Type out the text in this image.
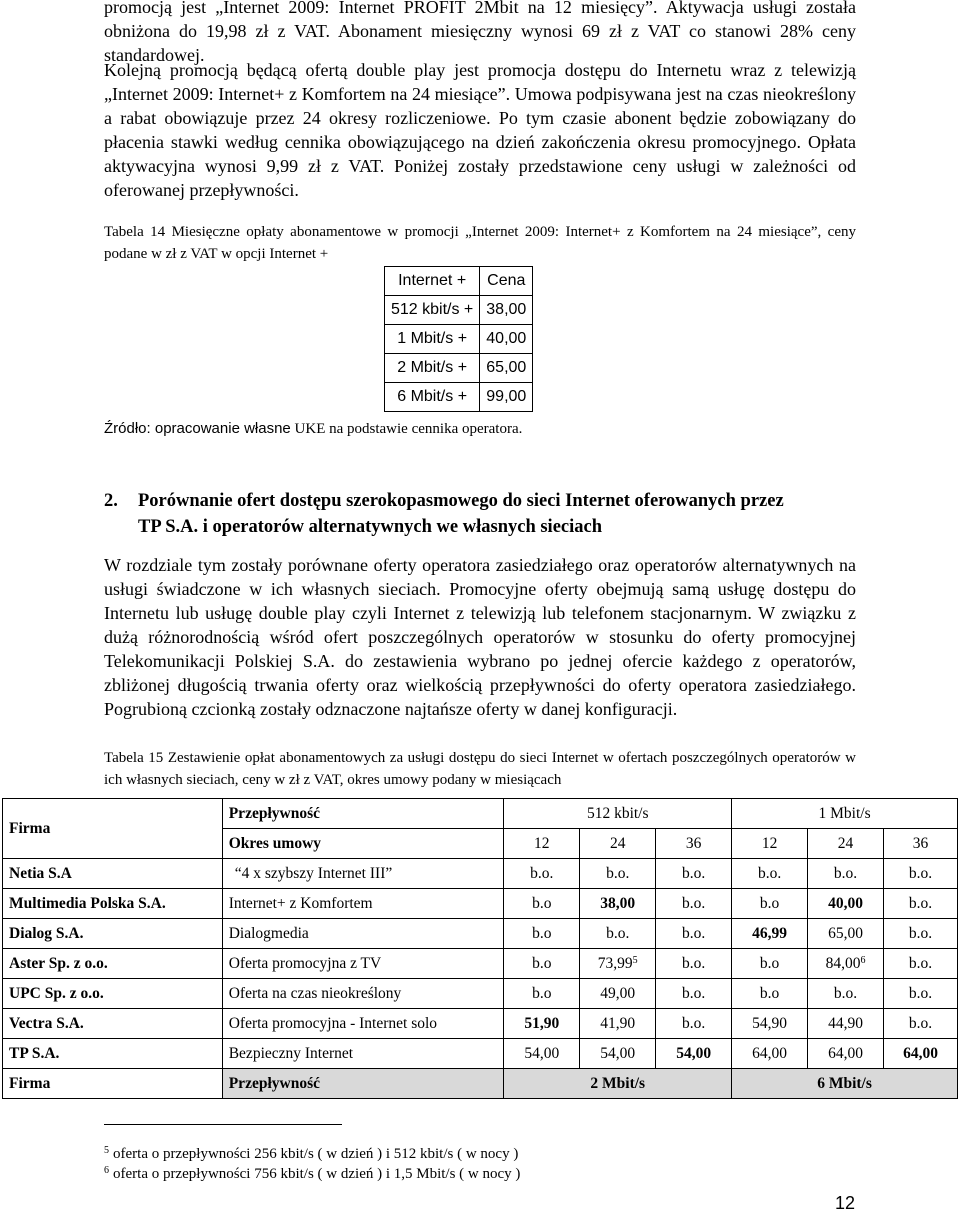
promocją jest „Internet 2009: Internet PROFIT 2Mbit na 12 miesięcy”. Aktywacja usługi została obniżona do 19,98 zł z VAT. Abonament miesięczny wynosi 69 zł z VAT co stanowi 28% ceny standardowej.

Kolejną promocją będącą ofertą double play jest promocja dostępu do Internetu wraz z telewizją „Internet 2009: Internet+ z Komfortem na 24 miesiące”. Umowa podpisywana jest na czas nieokreślony a rabat obowiązuje przez 24 okresy rozliczeniowe. Po tym czasie abonent będzie zobowiązany do płacenia stawki według cennika obowiązującego na dzień zakończenia okresu promocyjnego. Opłata aktywacyjna wynosi 9,99 zł z VAT. Poniżej zostały przedstawione ceny usługi w zależności od oferowanej przepływności.

Tabela 14 Miesięczne opłaty abonamentowe w promocji „Internet 2009: Internet+ z Komfortem na 24 miesiące”, ceny podane w zł z VAT w opcji Internet +

Internet +	Cena
512 kbit/s +	38,00
1 Mbit/s +	40,00
2 Mbit/s +	65,00
6 Mbit/s +	99,00
Źródło: opracowanie własne UKE na podstawie cennika operatora.
2. Porównanie ofert dostępu szerokopasmowego do sieci Internet oferowanych przez
TP S.A. i operatorów alternatywnych we własnych sieciach

W rozdziale tym zostały porównane oferty operatora zasiedziałego oraz operatorów alternatywnych na usługi świadczone w ich własnych sieciach. Promocyjne oferty obejmują samą usługę dostępu do Internetu lub usługę double play czyli Internet z telewizją lub telefonem stacjonarnym. W związku z dużą różnorodnością wśród ofert poszczególnych operatorów w stosunku do oferty promocyjnej Telekomunikacji Polskiej S.A. do zestawienia wybrano po jednej ofercie każdego z operatorów, zbliżonej długością trwania oferty oraz wielkością przepływności do oferty operatora zasiedziałego. Pogrubioną czcionką zostały odznaczone najtańsze oferty w danej konfiguracji.

Tabela 15 Zestawienie opłat abonamentowych za usługi dostępu do sieci Internet w ofertach poszczególnych operatorów w ich własnych sieciach, ceny w zł z VAT, okres umowy podany w miesiącach

Firma	Przepływność	512 kbit/s			1 Mbit/s		
	Okres umowy	12	24	36	12	24	36
Netia S.A	“4 x szybszy Internet III”	b.o.	b.o.	b.o.	b.o.	b.o.	b.o.
Multimedia Polska S.A.	Internet+ z Komfortem	b.o	38,00	b.o.	b.o	40,00	b.o.
Dialog S.A.	Dialogmedia	b.o	b.o.	b.o.	46,99	65,00	b.o.
Aster Sp. z o.o.	Oferta promocyjna z TV	b.o	73,99$^5$	b.o.	b.o	84,00$^6$	b.o.
UPC Sp. z o.o.	Oferta na czas nieokreślony	b.o	49,00	b.o.	b.o	b.o.	b.o.
Vectra S.A.	Oferta promocyjna - Internet solo	51,90	41,90	b.o.	54,90	44,90	b.o.
TP S.A.	Bezpieczny Internet	54,00	54,00	54,00	64,00	64,00	64,00
Firma	Przepływność	2 Mbit/s			6 Mbit/s		
$^5$ oferta o przepływności 256 kbit/s ( w dzień ) i 512 kbit/s ( w nocy )
$^6$ oferta o przepływności 756 kbit/s ( w dzień ) i 1,5 Mbit/s ( w nocy )
12
